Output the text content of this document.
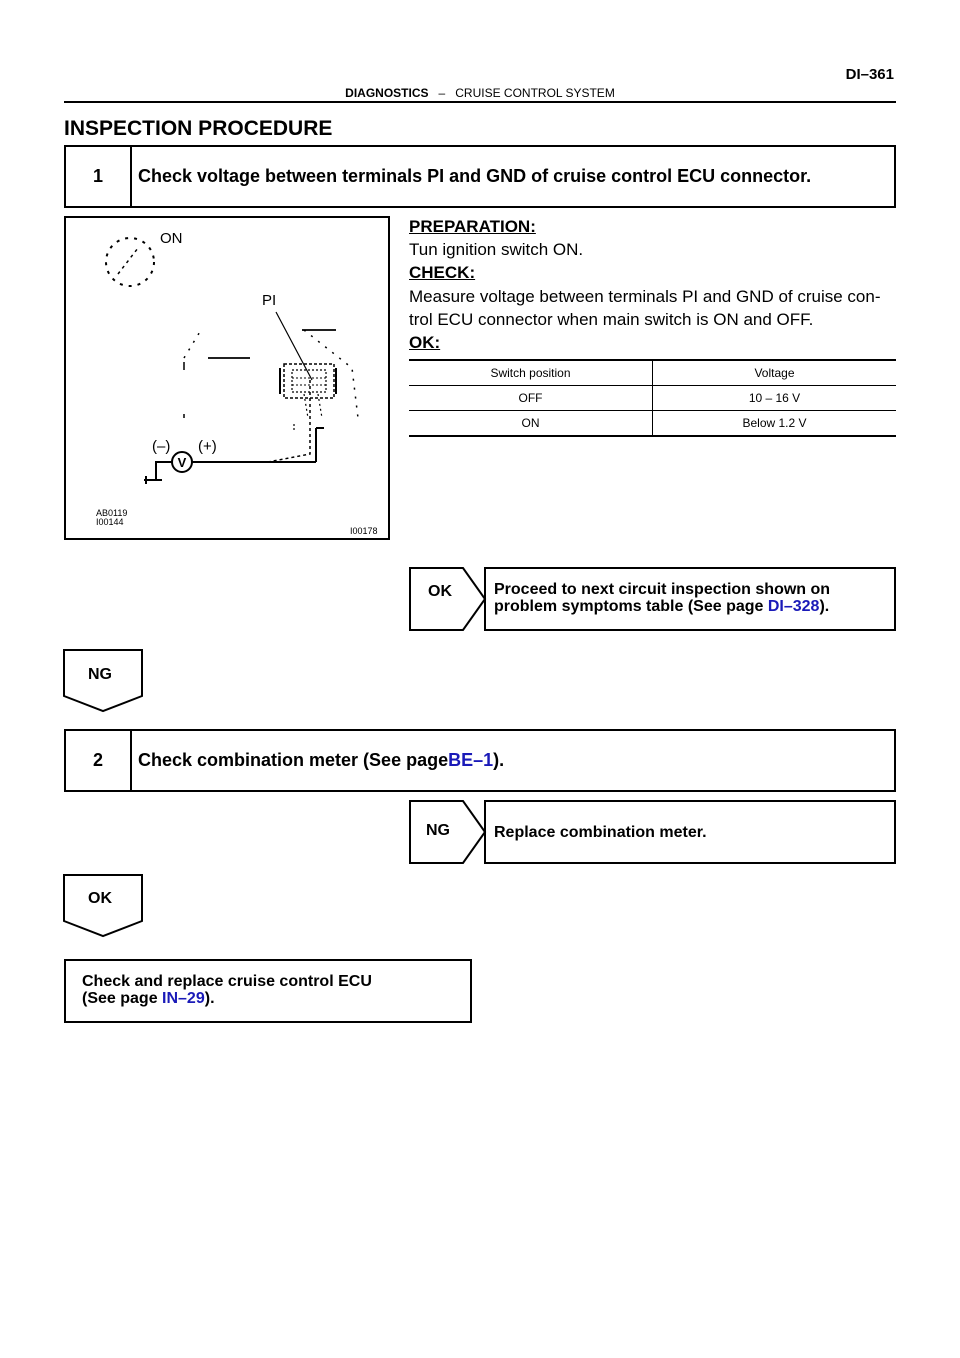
DI–361
DIAGNOSTICS – CRUISE CONTROL SYSTEM
INSPECTION PROCEDURE
1	Check voltage between terminals PI and GND of cruise control ECU connector.
V
ON
PI
(–) (+)
AB0119
I00144
I00178
PREPARATION:
Tun ignition switch ON.
CHECK:
Measure voltage between terminals PI and GND of cruise con-
trol ECU connector when main switch is ON and OFF.
OK:
Switch position	Voltage
OFF	10 – 16 V
ON	Below 1.2 V
OK	Proceed to next circuit inspection shown on
problem symptoms table (See page DI–328).
NG
2	Check combination meter (See page BE–1 ).
NG	Replace combination meter.
OK
Check and replace cruise control ECU
(See page IN–29).
